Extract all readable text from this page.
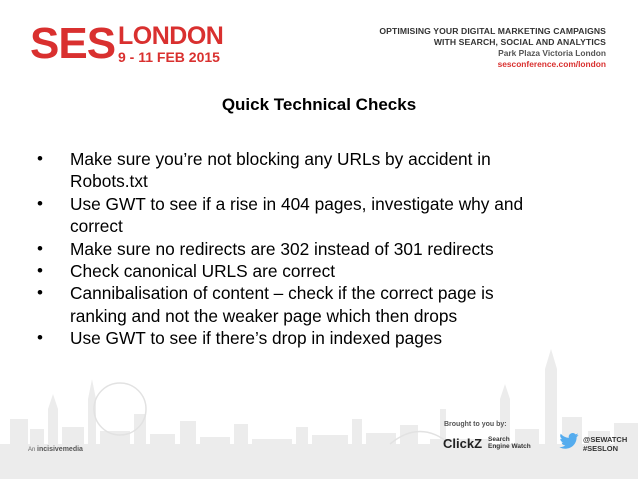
SES LONDON
9 - 11 FEB 2015
OPTIMISING YOUR DIGITAL MARKETING CAMPAIGNS
WITH SEARCH, SOCIAL AND ANALYTICS
Park Plaza Victoria London
sesconference.com/london
Quick Technical Checks
• Make sure you’re not blocking any URLs by accident in
Robots.txt
• Use GWT to see if a rise in 404 pages, investigate why and
correct
• Make sure no redirects are 302 instead of 301 redirects
• Check canonical URLS are correct
• Cannibalisation of content – check if the correct page is
ranking and not the weaker page which then drops
• Use GWT to see if there’s drop in indexed pages
An incisivemedia
Brought to you by:
ClickZ Search
Engine Watch
@SEWATCH
#SESLON
